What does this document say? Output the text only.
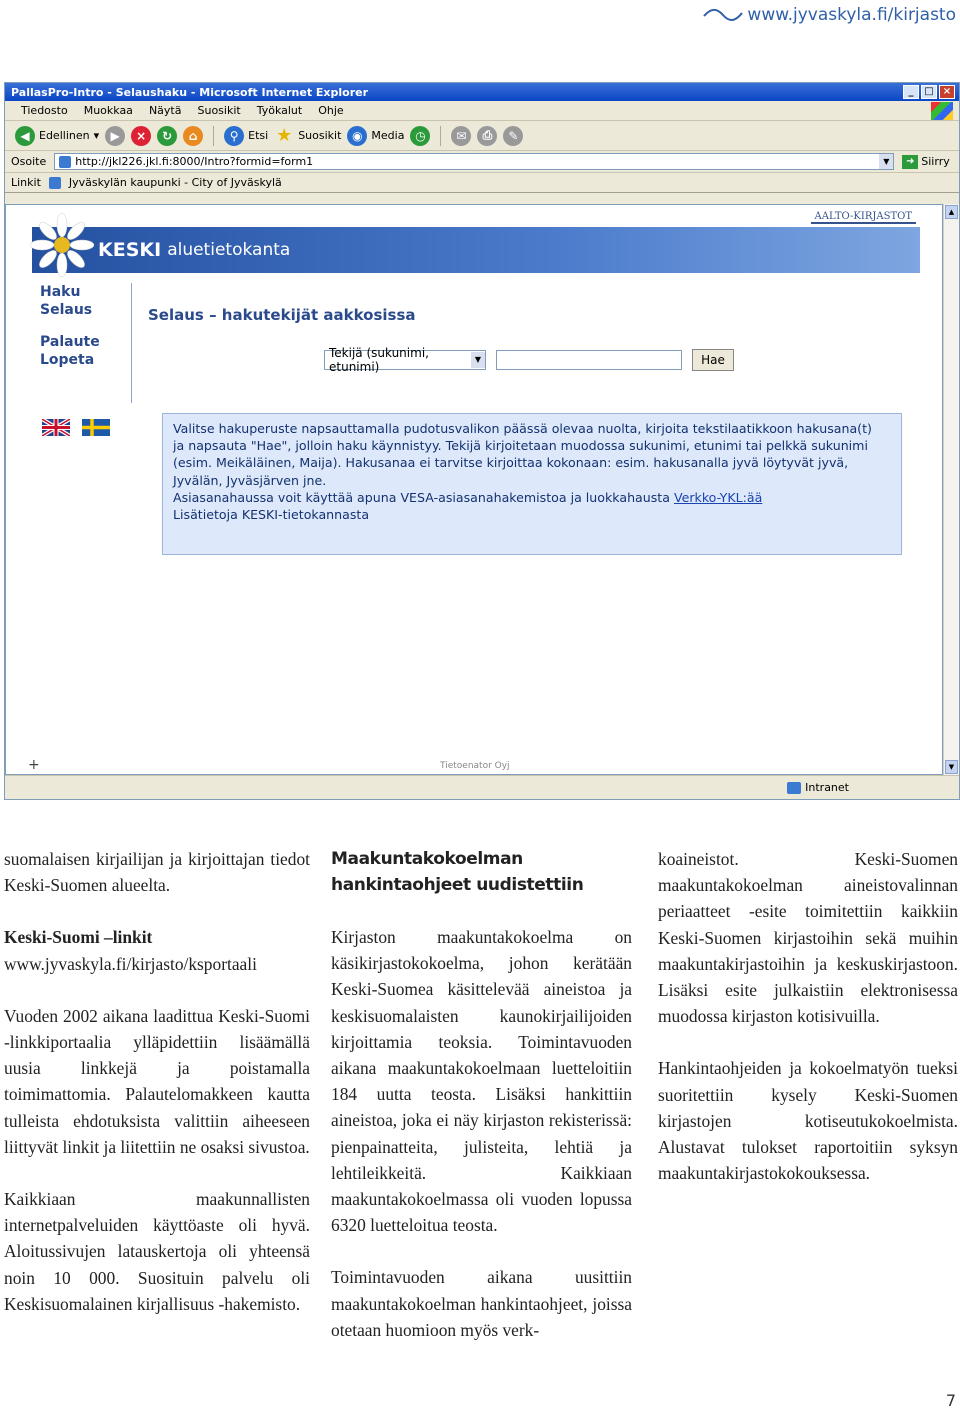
www.jyvaskyla.fi/kirjasto
PallasPro-Intro - Selaushaku - Microsoft Internet Explorer	_	□ ×
Tiedosto Muokkaa Näytä Suosikit Työkalut Ohje
◀ Edellinen ▾ ▶	×	↻	⌂	⚲ Etsi ★ Suosikit ◉ Media ◷	✉	⎙	✎
Osoite	http://jkl226.jkl.fi:8000/Intro?formid=form1	▼	➜ Siirry
Linkit	Jyväskylän kaupunki - City of Jyväskylä
AALTO-KIRJASTOT
KESKI aluetietokanta
Haku
Selaus
Palaute
Lopeta
Selaus – hakutekijät aakkosissa
Tekijä (sukunimi, etunimi)
▼	Hae
Valitse hakuperuste napsauttamalla pudotusvalikon päässä olevaa nuolta, kirjoita tekstilaatikkoon hakusana(t)
ja napsauta "Hae", jolloin haku käynnistyy. Tekijä kirjoitetaan muodossa sukunimi, etunimi tai pelkkä sukunimi
(esim. Meikäläinen, Maija). Hakusanaa ei tarvitse kirjoittaa kokonaan: esim. hakusanalla jyvä löytyvät jyvä,
Jyvälän, Jyväsjärven jne.
Asiasanahaussa voit käyttää apuna VESA-asiasanahakemistoa ja luokkahausta Verkko-YKL:ää
Lisätietoja KESKI-tietokannasta
+	Tietoenator Oyj
▲
▼
Intranet

suomalaisen kirjailijan ja kirjoittajan tiedot Keski-Suomen alueelta.

Keski-Suomi –linkit

www.jyvaskyla.fi/kirjasto/ksportaali

Vuoden 2002 aikana laadittua Keski-Suomi -linkkiportaalia ylläpidettiin lisäämällä uusia linkkejä ja poistamalla toimimattomia. Palautelomakkeen kautta tulleista ehdotuksista valittiin aiheeseen liittyvät linkit ja liitettiin ne osaksi sivustoa.

Kaikkiaan maakunnallisten internetpalveluiden käyttöaste oli hyvä. Aloitussivujen latauskertoja oli yhteensä noin 10 000. Suosituin palvelu oli Keskisuomalainen kirjallisuus -hakemisto.

Maakuntakokoelman hankintaohjeet uudistettiin

Kirjaston maakuntakokoelma on käsikirjastokokoelma, johon kerätään Keski-Suomea käsittelevää aineistoa ja keskisuomalaisten kaunokirjailijoiden kirjoittamia teoksia. Toimintavuoden aikana maakuntakokoelmaan luetteloitiin 184 uutta teosta. Lisäksi hankittiin aineistoa, joka ei näy kirjaston rekisterissä: pienpainatteita, julisteita, lehtiä ja lehtileikkeitä. Kaikkiaan maakuntakokoelmassa oli vuoden lopussa 6320 luetteloitua teosta.

Toimintavuoden aikana uusittiin maakuntakokoelman hankintaohjeet, joissa otetaan huomioon myös verk-

koaineistot. Keski-Suomen maakuntakokoelman aineistovalinnan periaatteet -esite toimitettiin kaikkiin Keski-Suomen kirjastoihin sekä muihin maakuntakirjastoihin ja keskuskirjastoon. Lisäksi esite julkaistiin elektronisessa muodossa kirjaston kotisivuilla.

Hankintaohjeiden ja kokoelmatyön tueksi suoritettiin kysely Keski-Suomen kirjastojen kotiseutukokoelmista. Alustavat tulokset raportoitiin syksyn maakuntakirjastokokouksessa.

7
